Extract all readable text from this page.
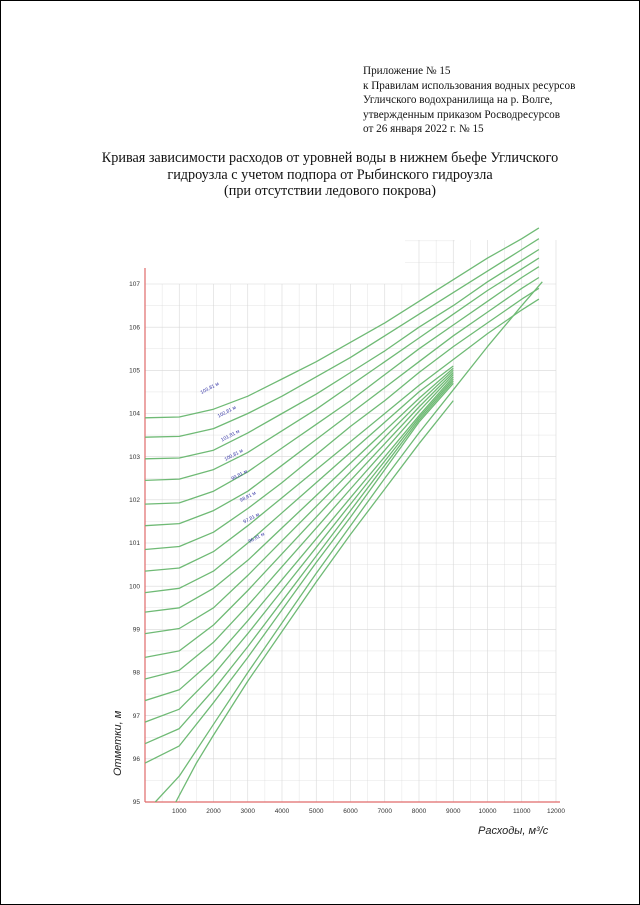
Приложение № 15
к Правилам использования водных ресурсов
Угличского водохранилища на р. Волге,
утвержденным приказом Росводресурсов
от 26 января 2022 г. № 15
Кривая зависимости расходов от уровней воды в нижнем бьефе Угличского
гидроузла с учетом подпора от Рыбинского гидроузла
(при отсутствии ледового покрова)
103,81 м
102,81 м
101,81 м
100,81 м
99,81 м
98,81 м
97,81 м
96,81 м
95
96
97
98
99
100
101
102
103
104
105
106
107
1000	2000	3000	4000	5000	6000	7000	8000	9000	10000	11000	12000
Расходы, м³/с
Отметки, м
